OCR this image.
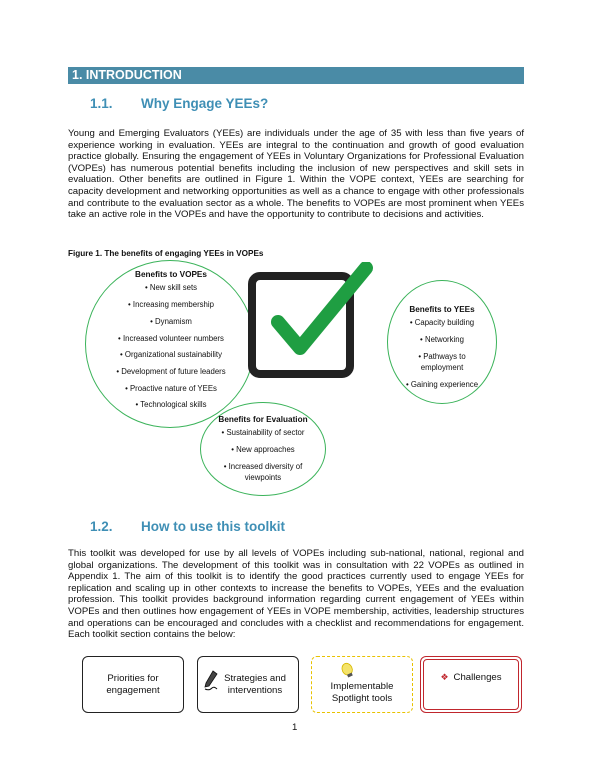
1. INTRODUCTION
1.1. Why Engage YEEs?

Young and Emerging Evaluators (YEEs) are individuals under the age of 35 with less than five years of experience working in evaluation. YEEs are integral to the continuation and growth of good evaluation practice globally. Ensuring the engagement of YEEs in Voluntary Organizations for Professional Evaluation (VOPEs) has numerous potential benefits including the inclusion of new perspectives and skill sets in evaluation. Other benefits are outlined in Figure 1. Within the VOPE context, YEEs are searching for capacity development and networking opportunities as well as a chance to engage with other professionals and contribute to the evaluation sector as a whole. The benefits to VOPEs are most prominent when YEEs take an active role in the VOPEs and have the opportunity to contribute to decisions and activities.

Figure 1. The benefits of engaging YEEs in VOPEs
Benefits to VOPEs
• New skill sets
• Increasing membership
• Dynamism
• Increased volunteer numbers
• Organizational sustainability
• Development of future leaders
• Proactive nature of YEEs
• Technological skills
Benefits to YEEs
• Capacity building
• Networking
• Pathways to employment
• Gaining experience
Benefits for Evaluation
• Sustainability of sector
• New approaches
• Increased diversity of viewpoints
1.2. How to use this toolkit

This toolkit was developed for use by all levels of VOPEs including sub-national, national, regional and global organizations. The development of this toolkit was in consultation with 22 VOPEs as outlined in Appendix 1. The aim of this toolkit is to identify the good practices currently used to engage YEEs for replication and scaling up in other contexts to increase the benefits to VOPEs, YEEs and the evaluation profession. This toolkit provides background information regarding current engagement of YEEs within VOPEs and then outlines how engagement of YEEs in VOPE membership, activities, leadership structures and operations can be encouraged and concludes with a checklist and recommendations for engagement. Each toolkit section contains the below:

Priorities for engagement
Strategies and interventions	Implementable Spotlight tools
❖ Challenges
1
